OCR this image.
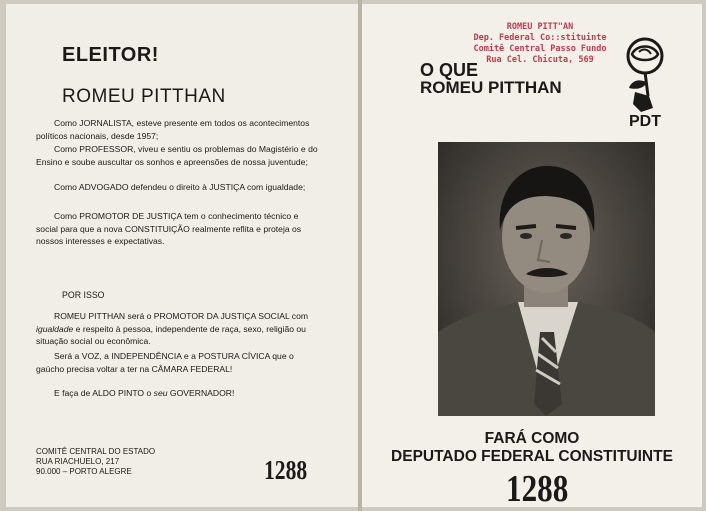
ELEITOR!
ROMEU PITTHAN

Como JORNALISTA, esteve presente em todos os acontecimentos políticos nacionais, desde 1957;

Como PROFESSOR, viveu e sentiu os problemas do Magistério e do Ensino e soube auscultar os sonhos e apreensões de nossa juventude;

Como ADVOGADO defendeu o direito à JUSTIÇA com igualdade;

Como PROMOTOR DE JUSTIÇA tem o conhecimento técnico e social para que a nova CONSTITUIÇÃO realmente reflita e proteja os nossos interesses e expectativas.

POR ISSO

ROMEU PITTHAN será o PROMOTOR DA JUSTIÇA SOCIAL com igualdade e respeito à pessoa, independente de raça, sexo, religião ou situação social ou econômica.

Será a VOZ, a INDEPENDÊNCIA e a POSTURA CÍVICA que o gaúcho precisa voltar a ter na CÂMARA FEDERAL!

E faça de ALDO PINTO o seu GOVERNADOR!

COMITÊ CENTRAL DO ESTADO
RUA RIACHUELO, 217
90.000 – PORTO ALEGRE	1288
ROMEU PITT"AN
Dep. Federal Co::stituinte
Comitê Central Passo Fundo
Rua Cel. Chicuta, 569
O QUE
ROMEU PITTHAN
PDT
FARÁ COMO
DEPUTADO FEDERAL CONSTITUINTE
1288
